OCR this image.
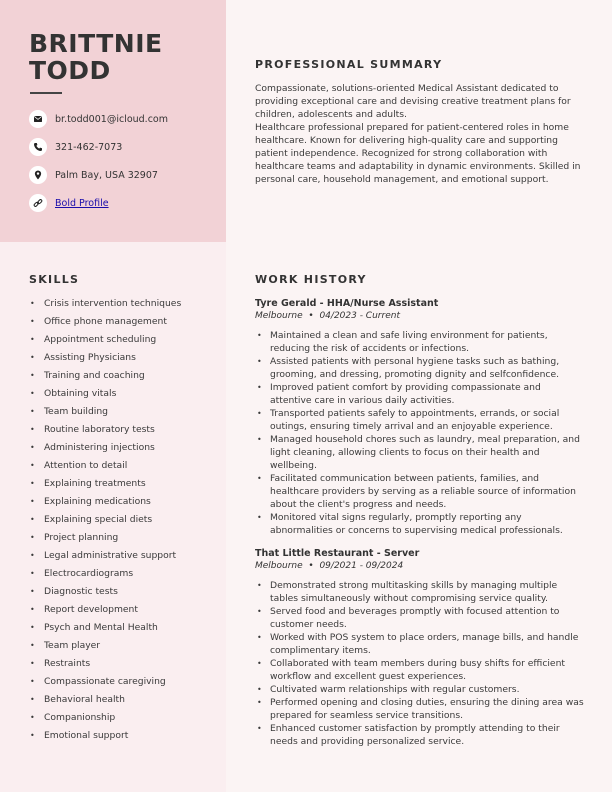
BRITTNIE
TODD
br.todd001@icloud.com
321-462-7073
Palm Bay, USA 32907
Bold Profile
PROFESSIONAL SUMMARY
Compassionate, solutions-oriented Medical Assistant dedicated to providing exceptional care and devising creative treatment plans for children, adolescents and adults.
Healthcare professional prepared for patient-centered roles in home healthcare. Known for delivering high-quality care and supporting patient independence. Recognized for strong collaboration with healthcare teams and adaptability in dynamic environments. Skilled in personal care, household management, and emotional support.
SKILLS
• Crisis intervention techniques
• Office phone management
• Appointment scheduling
• Assisting Physicians
• Training and coaching
• Obtaining vitals
• Team building
• Routine laboratory tests
• Administering injections
• Attention to detail
• Explaining treatments
• Explaining medications
• Explaining special diets
• Project planning
• Legal administrative support
• Electrocardiograms
• Diagnostic tests
• Report development
• Psych and Mental Health
• Team player
• Restraints
• Compassionate caregiving
• Behavioral health
• Companionship
• Emotional support
WORK HISTORY
Tyre Gerald - HHA/Nurse Assistant
Melbourne  •  04/2023 - Current
• Maintained a clean and safe living environment for patients, reducing the risk of accidents or infections.
• Assisted patients with personal hygiene tasks such as bathing, grooming, and dressing, promoting dignity and selfconfidence.
• Improved patient comfort by providing compassionate and attentive care in various daily activities.
• Transported patients safely to appointments, errands, or social outings, ensuring timely arrival and an enjoyable experience.
• Managed household chores such as laundry, meal preparation, and light cleaning, allowing clients to focus on their health and wellbeing.
• Facilitated communication between patients, families, and healthcare providers by serving as a reliable source of information about the client's progress and needs.
• Monitored vital signs regularly, promptly reporting any abnormalities or concerns to supervising medical professionals.
That Little Restaurant - Server
Melbourne  •  09/2021 - 09/2024
• Demonstrated strong multitasking skills by managing multiple tables simultaneously without compromising service quality.
• Served food and beverages promptly with focused attention to customer needs.
• Worked with POS system to place orders, manage bills, and handle complimentary items.
• Collaborated with team members during busy shifts for efficient workflow and excellent guest experiences.
• Cultivated warm relationships with regular customers.
• Performed opening and closing duties, ensuring the dining area was prepared for seamless service transitions.
• Enhanced customer satisfaction by promptly attending to their needs and providing personalized service.
